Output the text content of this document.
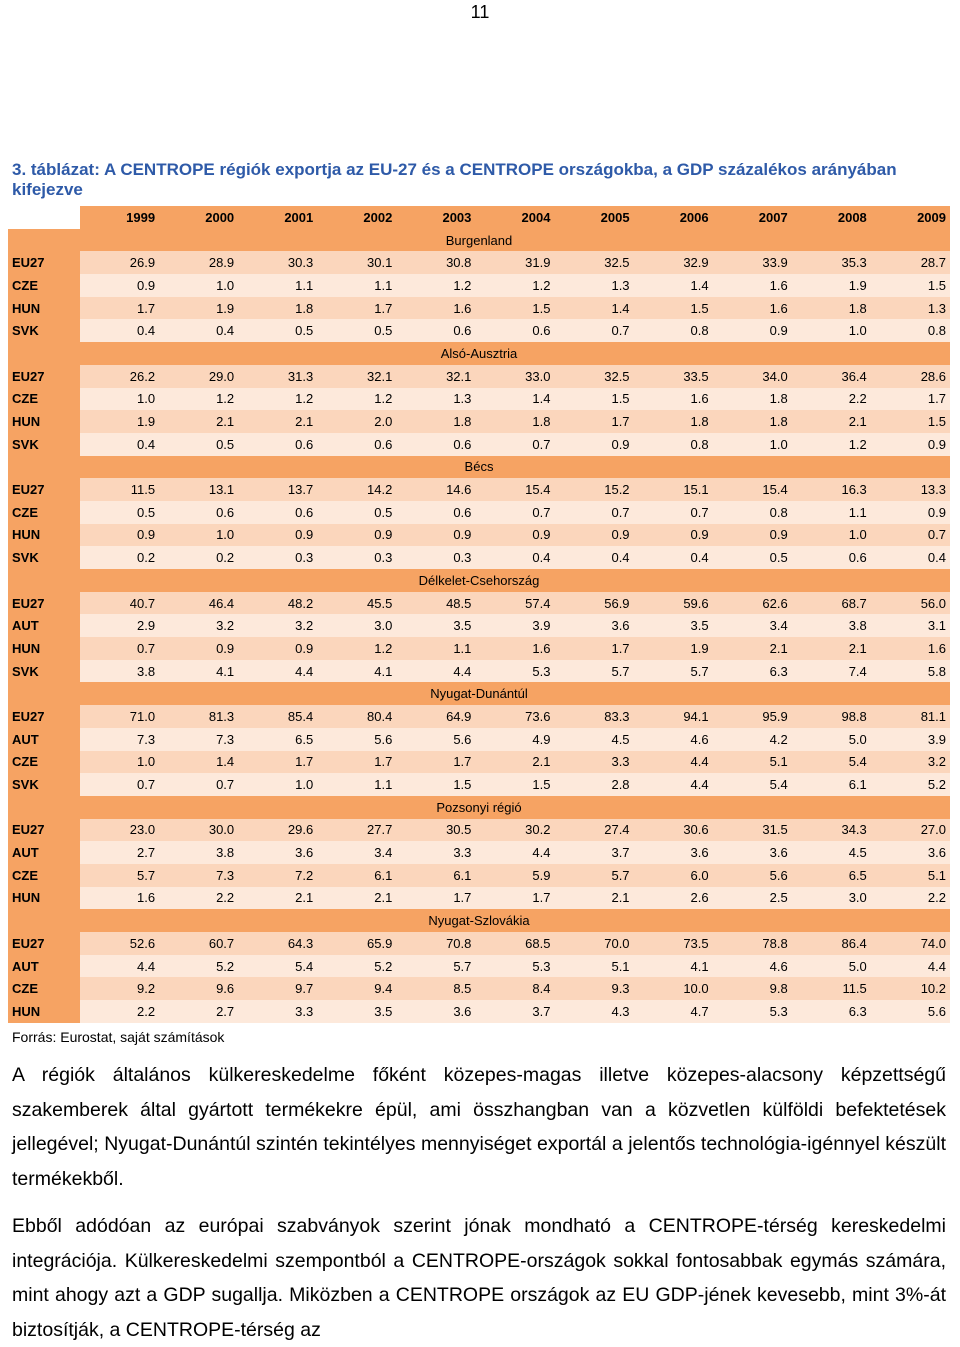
11
3. táblázat: A CENTROPE régiók exportja az EU-27 és a CENTROPE országokba, a GDP százalékos arányában kifejezve
	1999	2000	2001	2002	2003	2004	2005	2006	2007	2008	2009
Burgenland											
EU27	26.9	28.9	30.3	30.1	30.8	31.9	32.5	32.9	33.9	35.3	28.7
CZE	0.9	1.0	1.1	1.1	1.2	1.2	1.3	1.4	1.6	1.9	1.5
HUN	1.7	1.9	1.8	1.7	1.6	1.5	1.4	1.5	1.6	1.8	1.3
SVK	0.4	0.4	0.5	0.5	0.6	0.6	0.7	0.8	0.9	1.0	0.8
Alsó-Ausztria											
EU27	26.2	29.0	31.3	32.1	32.1	33.0	32.5	33.5	34.0	36.4	28.6
CZE	1.0	1.2	1.2	1.2	1.3	1.4	1.5	1.6	1.8	2.2	1.7
HUN	1.9	2.1	2.1	2.0	1.8	1.8	1.7	1.8	1.8	2.1	1.5
SVK	0.4	0.5	0.6	0.6	0.6	0.7	0.9	0.8	1.0	1.2	0.9
Bécs											
EU27	11.5	13.1	13.7	14.2	14.6	15.4	15.2	15.1	15.4	16.3	13.3
CZE	0.5	0.6	0.6	0.5	0.6	0.7	0.7	0.7	0.8	1.1	0.9
HUN	0.9	1.0	0.9	0.9	0.9	0.9	0.9	0.9	0.9	1.0	0.7
SVK	0.2	0.2	0.3	0.3	0.3	0.4	0.4	0.4	0.5	0.6	0.4
Délkelet-Csehország											
EU27	40.7	46.4	48.2	45.5	48.5	57.4	56.9	59.6	62.6	68.7	56.0
AUT	2.9	3.2	3.2	3.0	3.5	3.9	3.6	3.5	3.4	3.8	3.1
HUN	0.7	0.9	0.9	1.2	1.1	1.6	1.7	1.9	2.1	2.1	1.6
SVK	3.8	4.1	4.4	4.1	4.4	5.3	5.7	5.7	6.3	7.4	5.8
Nyugat-Dunántúl											
EU27	71.0	81.3	85.4	80.4	64.9	73.6	83.3	94.1	95.9	98.8	81.1
AUT	7.3	7.3	6.5	5.6	5.6	4.9	4.5	4.6	4.2	5.0	3.9
CZE	1.0	1.4	1.7	1.7	1.7	2.1	3.3	4.4	5.1	5.4	3.2
SVK	0.7	0.7	1.0	1.1	1.5	1.5	2.8	4.4	5.4	6.1	5.2
Pozsonyi régió											
EU27	23.0	30.0	29.6	27.7	30.5	30.2	27.4	30.6	31.5	34.3	27.0
AUT	2.7	3.8	3.6	3.4	3.3	4.4	3.7	3.6	3.6	4.5	3.6
CZE	5.7	7.3	7.2	6.1	6.1	5.9	5.7	6.0	5.6	6.5	5.1
HUN	1.6	2.2	2.1	2.1	1.7	1.7	2.1	2.6	2.5	3.0	2.2
Nyugat-Szlovákia											
EU27	52.6	60.7	64.3	65.9	70.8	68.5	70.0	73.5	78.8	86.4	74.0
AUT	4.4	5.2	5.4	5.2	5.7	5.3	5.1	4.1	4.6	5.0	4.4
CZE	9.2	9.6	9.7	9.4	8.5	8.4	9.3	10.0	9.8	11.5	10.2
HUN	2.2	2.7	3.3	3.5	3.6	3.7	4.3	4.7	5.3	6.3	5.6
Forrás: Eurostat, saját számítások
A régiók általános külkereskedelme főként közepes-magas illetve közepes-alacsony képzettségű szakemberek által gyártott termékekre épül, ami összhangban van a közvetlen külföldi befektetések jellegével; Nyugat-Dunántúl szintén tekintélyes mennyiséget exportál a jelentős technológia-igénnyel készült termékekből.
Ebből adódóan az európai szabványok szerint jónak mondható a CENTROPE-térség kereskedelmi integrációja. Külkereskedelmi szempontból a CENTROPE-országok sokkal fontosabbak egymás számára, mint ahogy azt a GDP sugallja. Miközben a CENTROPE országok az EU GDP-jének kevesebb, mint 3%-át biztosítják, a CENTROPE-térség az
